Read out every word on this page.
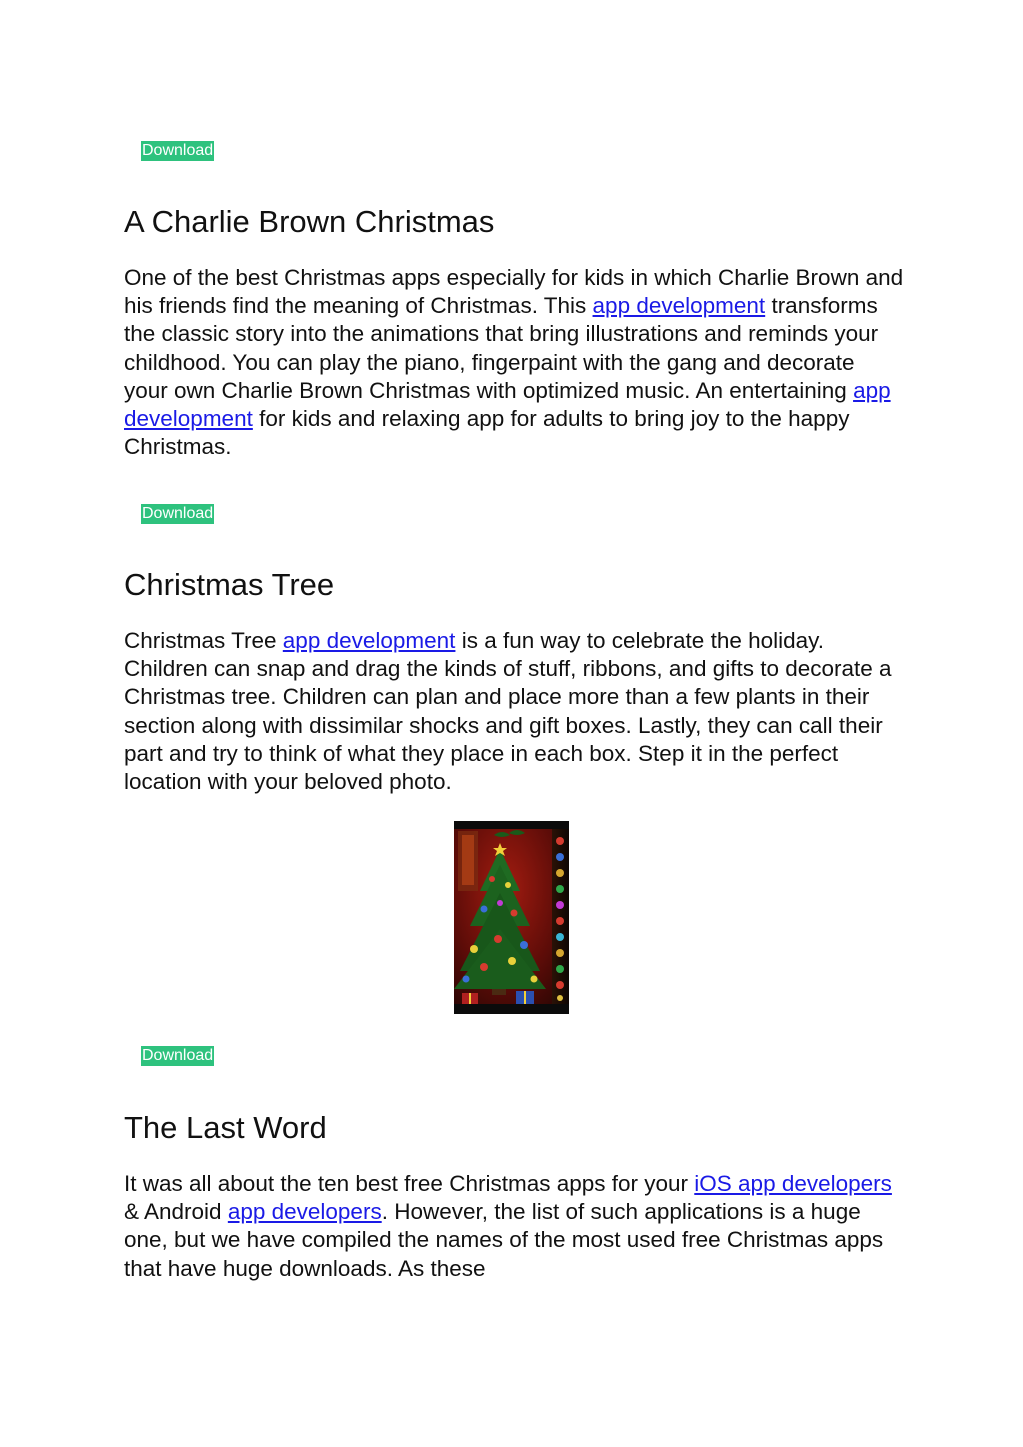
Download
A Charlie Brown Christmas

One of the best Christmas apps especially for kids in which Charlie Brown and his friends find the meaning of Christmas. This app development transforms the classic story into the animations that bring illustrations and reminds your childhood. You can play the piano, fingerpaint with the gang and decorate your own Charlie Brown Christmas with optimized music. An entertaining app development for kids and relaxing app for adults to bring joy to the happy Christmas.

Download
Christmas Tree

Christmas Tree app development is a fun way to celebrate the holiday. Children can snap and drag the kinds of stuff, ribbons, and gifts to decorate a Christmas tree. Children can plan and place more than a few plants in their section along with dissimilar shocks and gift boxes. Lastly, they can call their part and try to think of what they place in each box. Step it in the perfect location with your beloved photo.

Download
The Last Word

It was all about the ten best free Christmas apps for your iOS app developers & Android app developers. However, the list of such applications is a huge one, but we have compiled the names of the most used free Christmas apps that have huge downloads. As these
